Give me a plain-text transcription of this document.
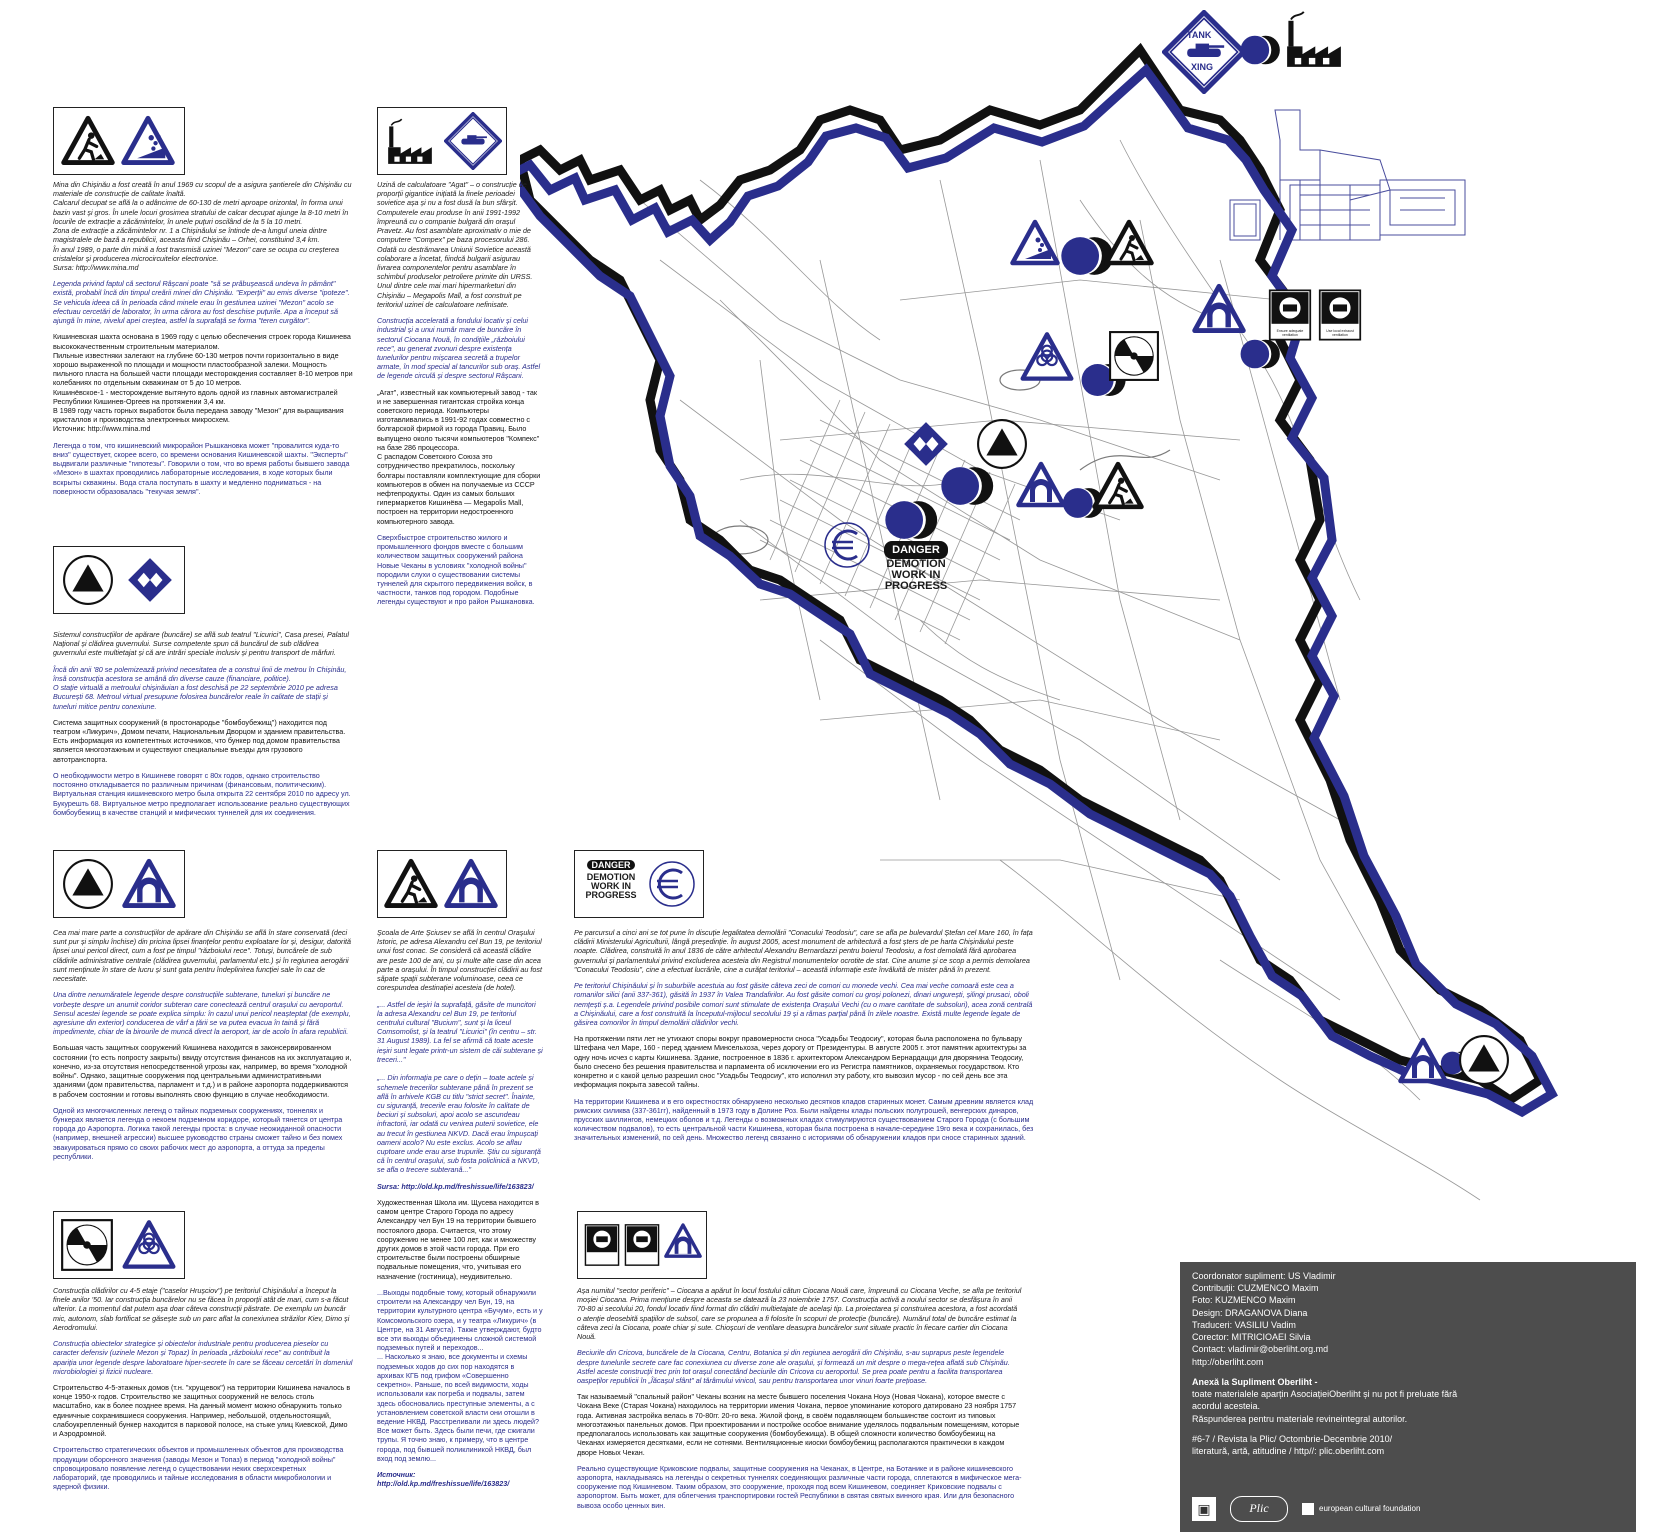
TANK
XING
Ensure adequate ventilation
Use local exhaust ventilation
DANGER
DEMOTION
WORK IN
PROGRESS
DANGER
DEMOTION
WORK IN
PROGRESS

Mina din Chișinău a fost creată în anul 1969 cu scopul de a asigura șantierele din Chișinău cu materiale de construcție de calitate înaltă.
Calcarul decupat se află la o adâncime de 60-130 de metri aproape orizontal, în forma unui bazin vast și gros. În unele locuri grosimea stratului de calcar decupat ajunge la 8-10 metri în locurile de extracție a zăcămintelor, în unele puțuri oscilând de la 5 la 10 metri.
Zona de extracție a zăcămintelor nr. 1 a Chișinăului se întinde de-a lungul uneia dintre magistralele de bază a republicii, aceasta fiind Chișinău – Orhei, constituind 3,4 km.
În anul 1989, o parte din mină a fost transmisă uzinei "Mezon" care se ocupa cu creșterea cristalelor și producerea microcircuitelor electronice.
Sursa: http://www.mina.md

Legenda privind faptul că sectorul Râșcani poate "să se prăbușească undeva în pământ" există, probabil încă din timpul creării minei din Chișinău. "Experții" au emis diverse "ipoteze". Se vehicula ideea că în perioada când minele erau în gestiunea uzinei "Mezon" acolo se efectuau cercetări de laborator, în urma cărora au fost deschise puțurile. Apa a început să ajungă în mine, nivelul apei creștea, astfel la suprafață se forma "teren curgător".

Кишиневская шахта основана в 1969 году с целью обеспечения строек города Кишинева высококачественным строительным материалом.
Пильные известняки залегают на глубине 60-130 метров почти горизонтально в виде хорошо выраженной по площади и мощности пластообразной залежи. Мощность пильного пласта на большей части площади месторождения составляет 8-10 метров при колебаниях по отдельным скважинам от 5 до 10 метров.
Кишинёвское-1 - месторождение вытянуто вдоль одной из главных автомагистралей Республики Кишинев-Оргеев на протяжении 3,4 км.
В 1989 году часть горных выработок была передана заводу "Мезон" для выращивания кристаллов и производства электронных микросхем.
Источник: http://www.mina.md

Легенда о том, что кишиневский микрорайон Рышкановка может "провалится куда-то вниз" существует, скорее всего, со времени основания Кишиневской шахты. "Эксперты" выдвигали различные "гипотезы". Говорили о том, что во время работы бывшего завода «Мезон» в шахтах проводились лабораторные исследования, в ходе которых были вскрыты скважины. Вода стала поступать в шахту и медленно подниматься - на поверхности образовалась "текучая земля".

Uzină de calculatoare "Agat" – o construcție de proporții gigantice inițiată la finele perioadei sovietice așa și nu a fost dusă la bun sfârșit. Computerele erau produse în anii 1991-1992 împreună cu o companie bulgară din orașul Pravetz. Au fost asamblate aproximativ o mie de computere "Compex" pe baza procesorului 286. Odată cu destrămarea Uniunii Sovietice această colaborare a încetat, fiindcă bulgarii asigurau livrarea componentelor pentru asamblare în schimbul produselor petroliere primite din URSS. Unul dintre cele mai mari hipermarketuri din Chișinău – Megapolis Mall, a fost construit pe teritoriul uzinei de calculatoare nefinisate.

Construcția accelerată a fondului locativ și celui industrial și a unui număr mare de buncăre în sectorul Ciocana Nouă, în condițiile „războiului rece", au generat zvonuri despre existența tunelurilor pentru mișcarea secretă a trupelor armate, în mod special al tancurilor sub oraș. Astfel de legende circulă și despre sectorul Râșcani.

„Агат", известный как компьютерный завод - так и не завершенная гигантская стройка конца советского периода. Компьютеры изготавливались в 1991-92 годах совместно с болгарской фирмой из города Правиц. Было выпущено около тысячи компьютеров "Компекс" на базе 286 процессора.
С распадом Советского Союза это сотрудничество прекратилось, поскольку болгары поставляли комплектующие для сборки компьютеров в обмен на получаемые из СССР нефтепродукты. Один из самых больших гипермаркетов Кишинёва — Megapolis Mall, построен на территории недостроенного компьютерного завода.

Сверхбыстрое строительство жилого и промышленного фондов вместе с большим количеством защитных сооружений района Новые Чеканы в условиях "холодной войны" породили слухи о существовании системы туннелей для скрытого передвижения войск, в частности, танков под городом. Подобные легенды существуют и про район Рышкановка.

Sistemul construcțiilor de apărare (buncăre) se află sub teatrul "Licurici", Casa presei, Palatul Național și clădirea guvernului. Surse competente spun că buncărul de sub clădirea guvernului este multietajat și că are intrări speciale inclusiv și pentru transport de mărfuri.

Încă din anii '80 se polemizează privind necesitatea de a construi linii de metrou în Chișinău, însă construcția acestora se amână din diverse cauze (financiare, politice).
O stație virtuală a metroului chișinăuian a fost deschisă pe 22 septembrie 2010 pe adresa București 68. Metroul virtual presupune folosirea buncărelor reale în calitate de stații și tuneluri mitice pentru conexiune.

Система защитных сооружений (в простонародье "бомбоубежищ") находится под театром «Ликурич», Домом печати, Национальным Дворцом и зданием правительства. Есть информация из компетентных источников, что бункер под домом правительства является многоэтажным и существуют специальные въезды для грузового автотранспорта.

О необходимости метро в Кишиневе говорят с 80х годов, однако строительство постоянно откладывается по различным причинам (финансовым, политическим). Виртуальная станция кишиневского метро была открыта 22 сентября 2010 по адресу ул. Букурешть 68. Виртуальное метро предполагает использование реально существующих бомбоубежищ в качестве станций и мифических туннелей для их соединения.

Cea mai mare parte a construcțiilor de apărare din Chișinău se află în stare conservată (deci sunt pur și simplu închise) din pricina lipsei finanțelor pentru exploatare lor și, desigur, datorită lipsei unui pericol direct, cum a fost pe timpul "războiului rece". Totuși, buncărele de sub clădirile administrative centrale (clădirea guvernului, parlamentul etc.) și în regiunea aerogării sunt menținute în stare de lucru și sunt gata pentru îndeplinirea funcției sale în caz de necesitate.

Una dintre nenumăratele legende despre construcțiile subterane, tuneluri și buncăre ne vorbește despre un anumit coridor subteran care conectează centrul orașului cu aeroportul. Sensul acestei legende se poate explica simplu: în cazul unui pericol neașteptat (de exemplu, agresiune din exterior) conducerea de vârf a țării se va putea evacua în taină și fără impedimente, chiar de la birourile de muncă direct la aeroport, iar de acolo în afara republicii.

Большая часть защитных сооружений Кишинева находится в законсервированном состоянии (то есть попросту закрыты) ввиду отсутствия финансов на их эксплуатацию и, конечно, из-за отсутствия непосредственной угрозы как, например, во время "холодной войны". Однако, защитные сооружения под центральными административными зданиями (дом правительства, парламент и т.д.) и в районе аэропорта поддерживаются в рабочем состоянии и готовы выполнять свою функцию в случае необходимости.

Одной из многочисленных легенд о тайных подземных сооружениях, тоннелях и бункерах является легенда о некоем подземном коридоре, который тянется от центра города до Аэропорта. Логика такой легенды проста: в случае неожиданной опасности (например, внешней агрессии) высшее руководство страны сможет тайно и без помех эвакуироваться прямо со своих рабочих мест до аэропорта, а оттуда за пределы республики.

Școala de Arte Șciusev se află în centrul Orașului Istoric, pe adresa Alexandru cel Bun 19, pe teritoriul unui fost conac. Se consideră că această clădire are peste 100 de ani, cu și multe alte case din acea parte a orașului. În timpul construcției clădirii au fost săpate spații subterane voluminoase, ceea ce corespundea destinației acesteia (de hotel).

„... Astfel de ieșiri la suprafață, găsite de muncitori la adresa Alexandru cel Bun 19, pe teritoriul centrului cultural "Bucium", sunt și la liceul Comsomolist, și la teatrul "Licurici" (în centru – str. 31 August 1989). La fel se afirmă că toate aceste ieșiri sunt legate printr-un sistem de căi subterane și treceri..."

„... Din informația pe care o dețin – toate actele și schemele trecerilor subterane până în prezent se află în arhivele KGB cu titlu "strict secret". Înainte, cu siguranță, trecerile erau folosite în calitate de beciuri și subsoluri, apoi acolo se ascundeau infractorii, iar odată cu venirea puterii sovietice, ele au trecut în gestiunea NKVD. Dacă erau împușcați oameni acolo? Nu este exclus. Acolo se aflau cuptoare unde erau arse trupurile. Știu cu siguranță că în centrul orașului, sub fosta policlinică a NKVD, se afla o trecere subterană..."

Sursa: http://old.kp.md/freshissue/life/163823/

Художественная Школа им. Щусева находится в самом центре Старого Города по адресу Александру чел Бун 19 на территории бывшего постоялого двора. Считается, что этому сооружению не менее 100 лет, как и множеству других домов в этой части города. При его строительстве были построены обширные подвальные помещения, что, учитывая его назначение (гостиница), неудивительно.

...Выходы подобные тому, который обнаружили строители на Александру чел Бун, 19, на территории культурного центра «Бучум», есть и у Комсомольского озера, и у театра «Ликурич» (в Центре, на 31 Августа). Также утверждают, будто все эти выходы объединены сложной системой подземных путей и переходов...
... Насколько я знаю, все документы и схемы подземных ходов до сих пор находятся в архивах КГБ под грифом «Совершенно секретно». Раньше, по всей видимости, ходы использовали как погреба и подвалы, затем здесь обосновались преступные элементы, а с установлением советской власти они отошли в ведение НКВД. Расстреливали ли здесь людей? Все может быть. Здесь были печи, где сжигали трупы. Я точно знаю, к примеру, что в центре города, под бывшей поликлиникой НКВД, был вход под землю...

Источник:

http://old.kp.md/freshissue/life/163823/

Pe parcursul a cinci ani se tot pune în discuție legalitatea demolării "Conacului Teodosiu", care se afla pe bulevardul Ștefan cel Mare 160, în fața clădirii Ministerului Agriculturii, lângă președinție. În august 2005, acest monument de arhitectură a fost șters de pe harta Chișinăului peste noapte. Clădirea, construită în anul 1836 de către arhitectul Alexandru Bernardazzi pentru boierul Teodosiu, a fost demolată fără aprobarea guvernului și parlamentului privind excluderea acesteia din Registrul monumentelor ocrotite de stat. Cine anume și ce scop a permis demolarea "Conacului Teodosiu", cine a efectuat lucrările, cine a curățat teritoriul – această informație este învăluită de mister până în prezent.

Pe teritoriul Chișinăului și în suburbiile acestuia au fost găsite câteva zeci de comori cu monede vechi. Cea mai veche comoară este cea a romanilor silici (anii 337-361), găsită în 1937 în Valea Trandafirilor. Au fost găsite comori cu groși polonezi, dinari ungurești, șilingi prusaci, oboli nemțești ș.a. Legendele privind posibile comori sunt stimulate de existența Orașului Vechi (cu o mare cantitate de subsoluri), acea zonă centrală a Chișinăului, care a fost construită la începutul-mijlocul secolului 19 și a rămas parțial până în zilele noastre. Există multe legende legate de găsirea comorilor în timpul demolării clădirilor vechi.

На протяжении пяти лет не утихают споры вокруг правомерности сноса "Усадьбы Теодосиу", которая была расположена по бульвару Штефана чел Маре, 160 - перед зданием Минсельхоза, через дорогу от Президентуры. В августе 2005 г. этот памятник архитектуры за одну ночь исчез с карты Кишинева. Здание, построенное в 1836 г. архитектором Александром Бернардацци для дворянина Теодосиу, было снесено без решения правительства и парламента об исключении его из Регистра памятников, охраняемых государством. Кто конкретно и с какой целью разрешил снос "Усадьбы Теодосиу", кто исполнил эту работу, кто вывозил мусор - по сей день все эта информация покрыта завесой тайны.

На территории Кишинева и в его окрестностях обнаружено несколько десятков кладов старинных монет. Самым древним является клад римских силиква (337-361гг), найденный в 1973 году в Долине Роз. Были найдены клады польских полугрошей, венгерских динаров, прусских шиллингов, немецких оболов и т.д. Легенды о возможных кладах стимулируются существованием Старого Города (с большим количеством подвалов), то есть центральной части Кишинева, которая была построена в начале-середине 19го века и сохранилась, без значительных изменений, по сей день. Множество легенд связанно с историями об обнаружении кладов при сносе старинных зданий.

Construcția clădirilor cu 4-5 etaje ("caselor Hrușciov") pe teritoriul Chișinăului a început la finele anilor '50. Iar construcția buncărelor nu se făcea în proporții atât de mari, cum s-a făcut ulterior. La momentul dat putem așa doar câteva construcții păstrate. De exemplu un buncăr mic, autonom, slab fortificat se găsește sub un parc aflat la conexiunea străzilor Kiev, Dimo și Aerodromului.

Construcția obiectelor strategice și obiectelor industriale pentru producerea pieselor cu caracter defensiv (uzinele Mezon și Topaz) în perioada „războiului rece" au contribuit la apariția unor legende despre laboratoare hiper-secrete în care se făceau cercetări în domeniul microbiologiei și fizicii nucleare.

Строительство 4-5-этажных домов (т.н. "хрущевок") на территории Кишинева началось в конце 1950-х годов. Строительство же защитных сооружений не велось столь масштабно, как в более позднее время. На данный момент можно обнаружить только единичные сохранившиеся сооружения. Например, небольшой, отдельностоящий, слабоукрепленный бункер находится в парковой полосе, на стыке улиц Киевской, Димо и Аэродромной.

Строительство стратегических объектов и промышленных объектов для производства продукции оборонного значения (заводы Мезон и Топаз) в период "холодной войны" спровоцировало появление легенд о существовании неких сверхсекретных лабораторий, где проводились и тайные исследования в области микробиологии и ядерной физики.

Așa numitul "sector periferic" – Ciocana a apărut în locul fostului cătun Ciocana Nouă care, împreună cu Ciocana Veche, se afla pe teritoriul moșiei Ciocana. Prima mențiune despre aceasta se datează la 23 noiembrie 1757. Construcția activă a noului sector se desfășura în anii 70-80 ai secolului 20, fondul locativ fiind format din clădiri multietajate de același tip. La proiectarea și construirea acestora, a fost acordată o atenție deosebită spațiilor de subsol, care se propunea a fi folosite în scopuri de protecție (buncăre). Numărul total de buncăre estimat la câteva zeci la Ciocana, poate chiar și sute. Chioșcuri de ventilare deasupra buncărelor sunt situate practic în fiecare cartier din Ciocana Nouă.

Beciurile din Cricova, buncărele de la Ciocana, Centru, Botanica și din regiunea aerogării din Chișinău, s-au suprapus peste legendele despre tunelurile secrete care fac conexiunea cu diverse zone ale orașului, și formează un mit despre o mega-rețea aflată sub Chișinău. Astfel aceste construcții trec prin tot orașul conectând beciurile din Cricova cu aeroportul. Se prea poate pentru a facilita transportarea oaspeților republicii în „Îăcașul sfânt" al tărâmului vinicol, sau pentru transportarea unor vinuri foarte prețioase.

Так называемый "спальный район" Чеканы возник на месте бывшего поселения Чокана Ноуэ (Новая Чокана), которое вместе с Чокана Веке (Старая Чокана) находилось на территории имения Чокана, первое упоминание которого датировано 23 ноября 1757 года. Активная застройка велась в 70-80гг. 20-го века. Жилой фонд, в своём подавляющем большинстве состоит из типовых многоэтажных панельных домов. При проектировании и постройке особое внимание уделялось подвальным помещениям, которые предполагалось использовать как защитные сооружения (бомбоубежища). В общей сложности количество бомбоубежищ на Чеканах измеряется десятками, если не сотнями. Вентиляционные киоски бомбоубежищ располагаются практически в каждом дворе Новых Чекан.

Реально существующие Криковские подвалы, защитные сооружения на Чеканах, в Центре, на Ботанике и в районе кишиневского аэропорта, накладываясь на легенды о секретных туннелях соединяющих различные части города, сплетаются в мифическое мега-сооружение под Кишиневом. Таким образом, это сооружение, проходя под всем Кишиневом, соединяет Криковские подвалы с аэропортом. Быть может, для облегчения транспортировки гостей Республики в святая святых винного края. Или для безопасного вывоза особо ценных вин.

Coordonator supliment: US Vladimir
Contribuții: CUZMENCO Maxim
Foto: KUZMENCO Maxim
Design: DRAGANOVA Diana
Traduceri: VASILIU Vadim
Corector: MITRICIOAEI Silvia
Contact: vladimir@oberliht.org.md
http://oberliht.com
Anexă la Supliment Oberliht -
toate materialele aparțin AsociațieiOberliht și nu pot fi preluate fără
acordul acesteia.
Răspunderea pentru materiale revineintegral autorilor.
#6-7 / Revista la Plic/ Octombrie-Decembrie 2010/
literatură, artă, atitudine / http//: plic.oberliht.com
▣	Plic	european cultural foundation
